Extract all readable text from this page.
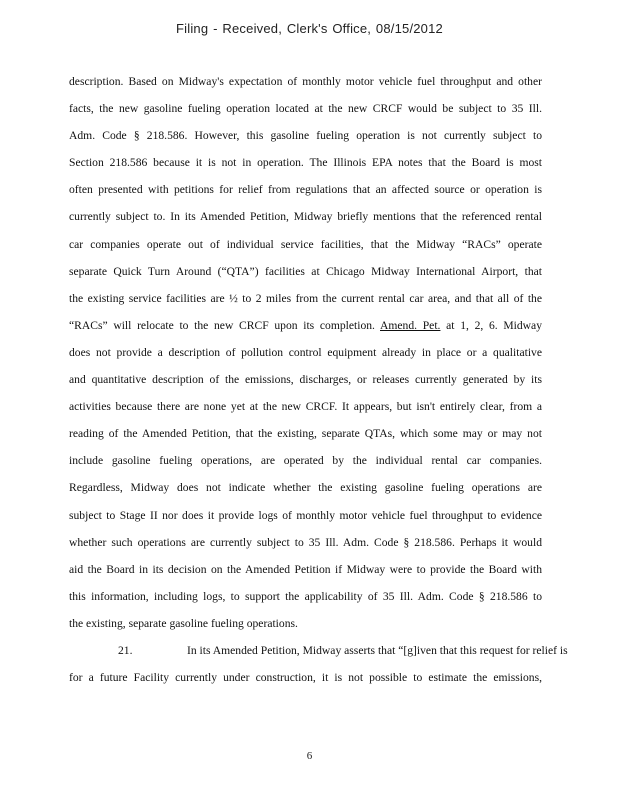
Filing - Received, Clerk's Office, 08/15/2012
description. Based on Midway's expectation of monthly motor vehicle fuel throughput and other
facts, the new gasoline fueling operation located at the new CRCF would be subject to 35 Ill.
Adm. Code § 218.586. However, this gasoline fueling operation is not currently subject to
Section 218.586 because it is not in operation. The Illinois EPA notes that the Board is most
often presented with petitions for relief from regulations that an affected source or operation is
currently subject to. In its Amended Petition, Midway briefly mentions that the referenced rental
car companies operate out of individual service facilities, that the Midway “RACs” operate
separate Quick Turn Around (“QTA”) facilities at Chicago Midway International Airport, that
the existing service facilities are ½ to 2 miles from the current rental car area, and that all of the
“RACs” will relocate to the new CRCF upon its completion. Amend. Pet. at 1, 2, 6. Midway
does not provide a description of pollution control equipment already in place or a qualitative
and quantitative description of the emissions, discharges, or releases currently generated by its
activities because there are none yet at the new CRCF. It appears, but isn't entirely clear, from a
reading of the Amended Petition, that the existing, separate QTAs, which some may or may not
include gasoline fueling operations, are operated by the individual rental car companies.
Regardless, Midway does not indicate whether the existing gasoline fueling operations are
subject to Stage II nor does it provide logs of monthly motor vehicle fuel throughput to evidence
whether such operations are currently subject to 35 Ill. Adm. Code § 218.586. Perhaps it would
aid the Board in its decision on the Amended Petition if Midway were to provide the Board with
this information, including logs, to support the applicability of 35 Ill. Adm. Code § 218.586 to
the existing, separate gasoline fueling operations.
21.	In its Amended Petition, Midway asserts that “[g]iven that this request for relief is
for a future Facility currently under construction, it is not possible to estimate the emissions,
6
